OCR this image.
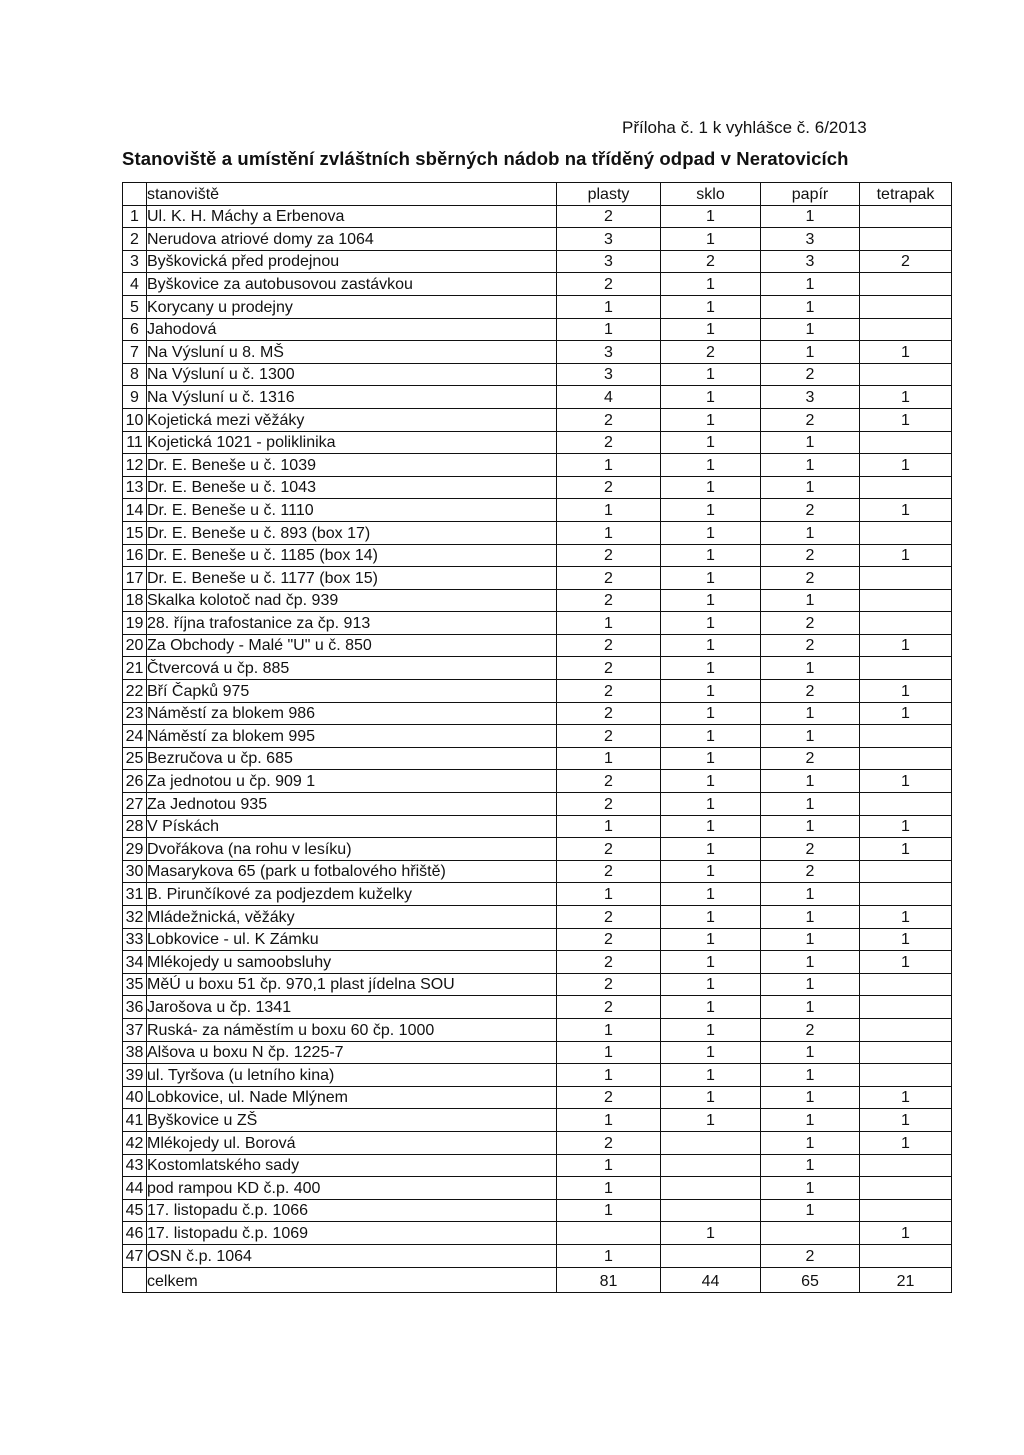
Příloha č. 1 k vyhlášce č. 6/2013
Stanoviště a umístění zvláštních sběrných nádob na tříděný odpad v Neratovicích
	stanoviště	plasty	sklo	papír	tetrapak
1	Ul. K. H. Máchy a Erbenova	2	1	1	
2	Nerudova atriové domy za 1064	3	1	3	
3	Byškovická před prodejnou	3	2	3	2
4	Byškovice za autobusovou zastávkou	2	1	1	
5	Korycany u prodejny	1	1	1	
6	Jahodová	1	1	1	
7	Na Výsluní u 8. MŠ	3	2	1	1
8	Na Výsluní u č. 1300	3	1	2	
9	Na Výsluní u č. 1316	4	1	3	1
10	Kojetická mezi věžáky	2	1	2	1
11	Kojetická 1021 - poliklinika	2	1	1	
12	Dr. E. Beneše u č. 1039	1	1	1	1
13	Dr. E. Beneše u č. 1043	2	1	1	
14	Dr. E. Beneše u č. 1110	1	1	2	1
15	Dr. E. Beneše u č. 893 (box 17)	1	1	1	
16	Dr. E. Beneše u č. 1185 (box 14)	2	1	2	1
17	Dr. E. Beneše u č. 1177 (box 15)	2	1	2	
18	Skalka kolotoč nad čp. 939	2	1	1	
19	28. října trafostanice za čp. 913	1	1	2	
20	Za Obchody - Malé "U" u č. 850	2	1	2	1
21	Čtvercová u čp. 885	2	1	1	
22	Bří Čapků 975	2	1	2	1
23	Náměstí za blokem 986	2	1	1	1
24	Náměstí za blokem 995	2	1	1	
25	Bezručova u čp. 685	1	1	2	
26	Za jednotou u čp. 909 1	2	1	1	1
27	Za Jednotou 935	2	1	1	
28	V Pískách	1	1	1	1
29	Dvořákova (na rohu v lesíku)	2	1	2	1
30	Masarykova 65 (park u fotbalového hřiště)	2	1	2	
31	B. Pirunčíkové za podjezdem kuželky	1	1	1	
32	Mládežnická, věžáky	2	1	1	1
33	Lobkovice - ul. K Zámku	2	1	1	1
34	Mlékojedy u samoobsluhy	2	1	1	1
35	MěÚ u boxu 51 čp. 970,1 plast jídelna SOU	2	1	1	
36	Jarošova u čp. 1341	2	1	1	
37	Ruská- za náměstím u boxu 60 čp. 1000	1	1	2	
38	Alšova u boxu N čp. 1225-7	1	1	1	
39	ul. Tyršova (u letního kina)	1	1	1	
40	Lobkovice, ul. Nade Mlýnem	2	1	1	1
41	Byškovice u ZŠ	1	1	1	1
42	Mlékojedy ul. Borová	2		1	1
43	Kostomlatského sady	1		1	
44	pod rampou KD č.p. 400	1		1	
45	17. listopadu č.p. 1066	1		1	
46	17. listopadu č.p. 1069		1		1
47	OSN č.p. 1064	1		2	
	celkem	81	44	65	21
